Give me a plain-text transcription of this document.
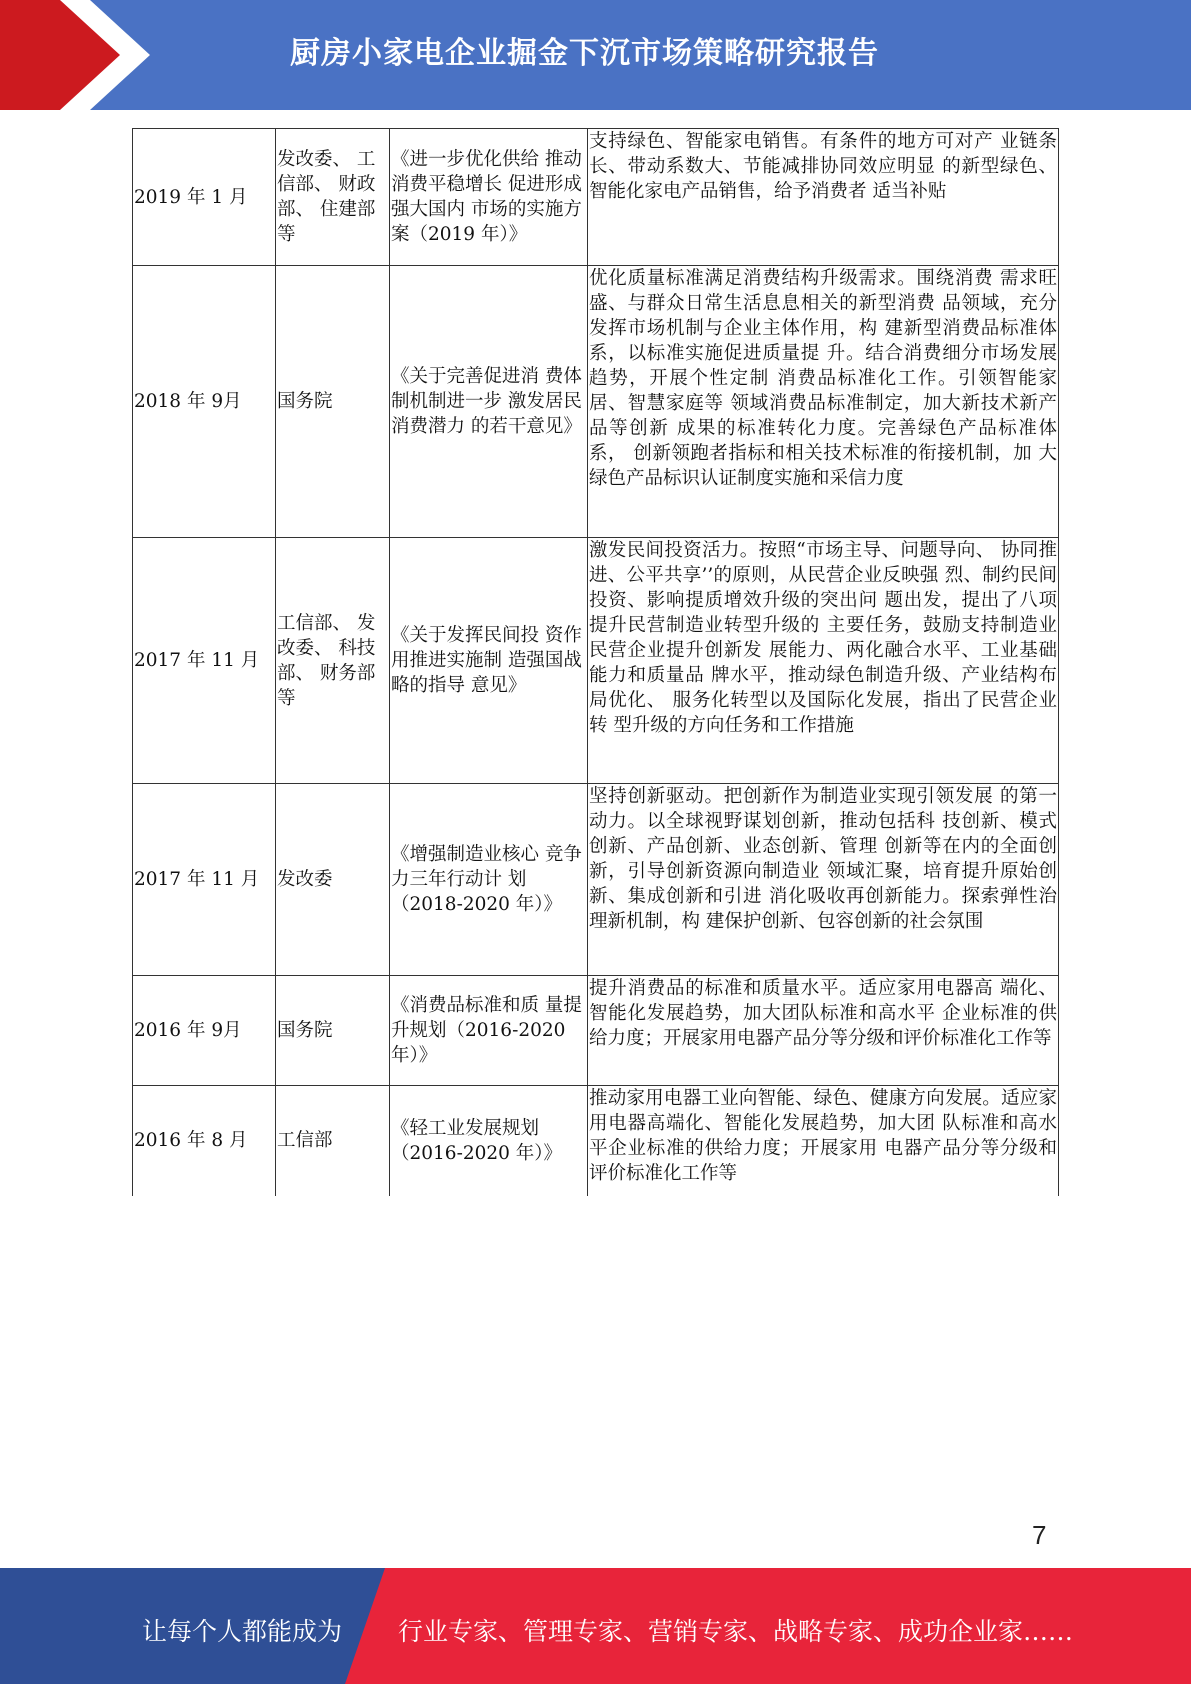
厨房小家电企业掘金下沉市场策略研究报告
2019 年 1 月	发改委、 工信部、 财政部、 住建部等	《进一步优化供给 推动消费平稳增长 促进形成强大国内 市场的实施方案（2019 年）》	支持绿色、智能家电销售。有条件的地方可对产 业链条长、带动系数大、节能减排协同效应明显 的新型绿色、智能化家电产品销售，给予消费者 适当补贴
2018 年 9月	国务院	《关于完善促进消 费体制机制进一步 激发居民消费潜力 的若干意见》	优化质量标准满足消费结构升级需求。围绕消费 需求旺盛、与群众日常生活息息相关的新型消费 品领域，充分发挥市场机制与企业主体作用，构 建新型消费品标准体系，以标准实施促进质量提 升。结合消费细分市场发展趋势，开展个性定制 消费品标准化工作。引领智能家居、智慧家庭等 领域消费品标准制定，加大新技术新产品等创新 成果的标准转化力度。完善绿色产品标准体系， 创新领跑者指标和相关技术标准的衔接机制，加 大绿色产品标识认证制度实施和采信力度
2017 年 11 月	工信部、 发改委、 科技部、 财务部等	《关于发挥民间投 资作用推进实施制 造强国战略的指导 意见》	激发民间投资活力。按照“市场主导、问题导向、 协同推进、公平共享’’的原则，从民营企业反映强 烈、制约民间投资、影响提质增效升级的突出问 题出发，提出了八项提升民营制造业转型升级的 主要任务，鼓励支持制造业民营企业提升创新发 展能力、两化融合水平、工业基础能力和质量品 牌水平，推动绿色制造升级、产业结构布局优化、 服务化转型以及国际化发展，指出了民营企业转 型升级的方向任务和工作措施
2017 年 11 月	发改委	《增强制造业核心 竞争力三年行动计 划（2018-2020 年）》	坚持创新驱动。把创新作为制造业实现引领发展 的第一动力。以全球视野谋划创新，推动包括科 技创新、模式创新、产品创新、业态创新、管理 创新等在内的全面创新，引导创新资源向制造业 领域汇聚，培育提升原始创新、集成创新和引进 消化吸收再创新能力。探索弹性治理新机制，构 建保护创新、包容创新的社会氛围
2016 年 9月	国务院	《消费品标准和质 量提升规划（2016-2020 年）》	提升消费品的标准和质量水平。适应家用电器高 端化、智能化发展趋势，加大团队标准和高水平 企业标准的供给力度；开展家用电器产品分等分级和评价标准化工作等
2016 年 8 月	工信部	《轻工业发展规划（2016-2020 年）》	推动家用电器工业向智能、绿色、健康方向发展。适应家用电器高端化、智能化发展趋势，加大团 队标准和高水平企业标准的供给力度；开展家用 电器产品分等分级和评价标准化工作等
7
让每个人都能成为 行业专家、管理专家、营销专家、战略专家、成功企业家……
